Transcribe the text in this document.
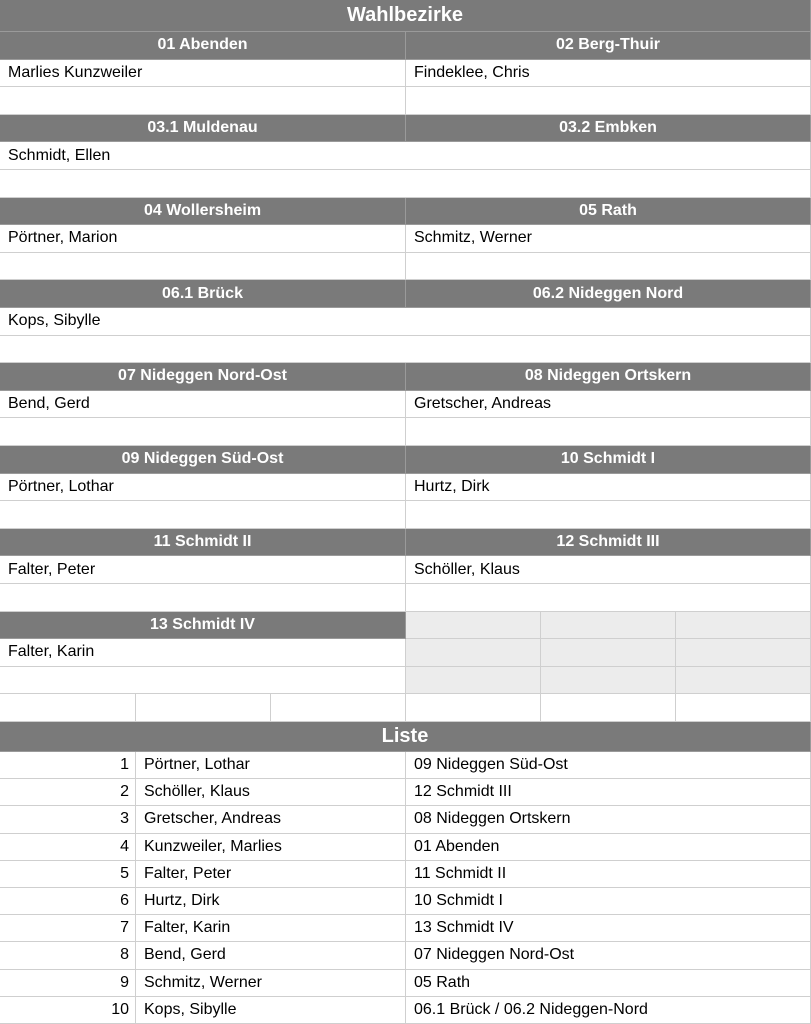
Wahlbezirke
01 Abenden	02 Berg-Thuir
Marlies Kunzweiler	Findeklee, Chris
03.1 Muldenau	03.2 Embken
Schmidt, Ellen
04 Wollersheim	05 Rath
Pörtner, Marion	Schmitz, Werner
06.1 Brück	06.2 Nideggen Nord
Kops, Sibylle
07 Nideggen Nord-Ost	08 Nideggen Ortskern
Bend, Gerd	Gretscher, Andreas
09 Nideggen Süd-Ost	10 Schmidt I
Pörtner, Lothar	Hurtz, Dirk
11 Schmidt II	12 Schmidt III
Falter, Peter	Schöller, Klaus
13 Schmidt IV
Falter, Karin
Liste
1 Pörtner, Lothar	09 Nideggen Süd-Ost
2 Schöller, Klaus	12 Schmidt III
3 Gretscher, Andreas	08 Nideggen Ortskern
4 Kunzweiler, Marlies	01 Abenden
5 Falter, Peter	11 Schmidt II
6 Hurtz, Dirk	10 Schmidt I
7 Falter, Karin	13 Schmidt IV
8 Bend, Gerd	07 Nideggen Nord-Ost
9 Schmitz, Werner	05 Rath
10 Kops, Sibylle	06.1 Brück / 06.2 Nideggen-Nord
